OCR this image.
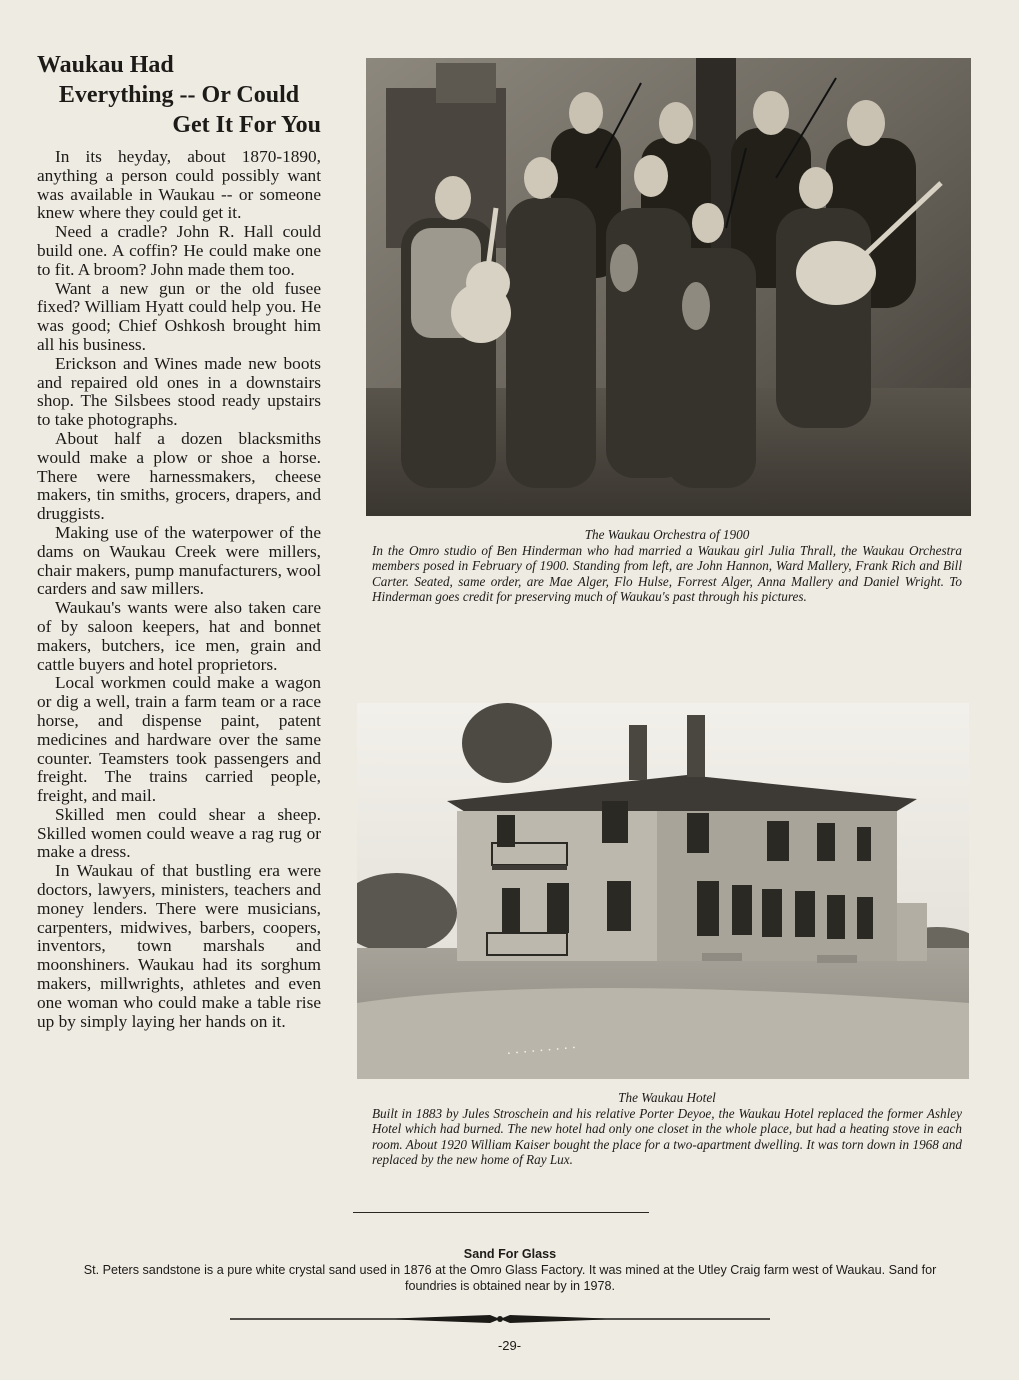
Waukau Had
Everything -- Or Could
Get It For You

In its heyday, about 1870-1890, anything a person could possibly want was available in Waukau -- or someone knew where they could get it.

Need a cradle? John R. Hall could build one. A coffin? He could make one to fit. A broom? John made them too.

Want a new gun or the old fusee fixed? William Hyatt could help you. He was good; Chief Oshkosh brought him all his business.

Erickson and Wines made new boots and repaired old ones in a downstairs shop. The Silsbees stood ready upstairs to take photographs.

About half a dozen blacksmiths would make a plow or shoe a horse. There were harnessmakers, cheese makers, tin smiths, grocers, drapers, and druggists.

Making use of the waterpower of the dams on Waukau Creek were millers, chair makers, pump manufacturers, wool carders and saw millers.

Waukau's wants were also taken care of by saloon keepers, hat and bonnet makers, butchers, ice men, grain and cattle buyers and hotel proprietors.

Local workmen could make a wagon or dig a well, train a farm team or a race horse, and dispense paint, patent medicines and hardware over the same counter. Teamsters took passengers and freight. The trains carried people, freight, and mail.

Skilled men could shear a sheep. Skilled women could weave a rag rug or make a dress.

In Waukau of that bustling era were doctors, lawyers, ministers, teachers and money lenders. There were musicians, carpenters, midwives, barbers, coopers, inventors, town marshals and moonshiners. Waukau had its sorghum makers, millwrights, athletes and even one woman who could make a table rise up by simply laying her hands on it.

The Waukau Orchestra of 1900
In the Omro studio of Ben Hinderman who had married a Waukau girl Julia Thrall, the Waukau Orchestra members posed in February of 1900. Standing from left, are John Hannon, Ward Mallery, Frank Rich and Bill Carter. Seated, same order, are Mae Alger, Flo Hulse, Forrest Alger, Anna Mallery and Daniel Wright. To Hinderman goes credit for preserving much of Waukau's past through his pictures.

· · · · · · · · ·

The Waukau Hotel
Built in 1883 by Jules Stroschein and his relative Porter Deyoe, the Waukau Hotel replaced the former Ashley Hotel which had burned. The new hotel had only one closet in the whole place, but had a heating stove in each room. About 1920 William Kaiser bought the place for a two-apartment dwelling. It was torn down in 1968 and replaced by the new home of Ray Lux.

Sand For Glass

St. Peters sandstone is a pure white crystal sand used in 1876 at the Omro Glass Factory. It was mined at the Utley Craig farm west of Waukau. Sand for foundries is obtained near by in 1978.

-29-
